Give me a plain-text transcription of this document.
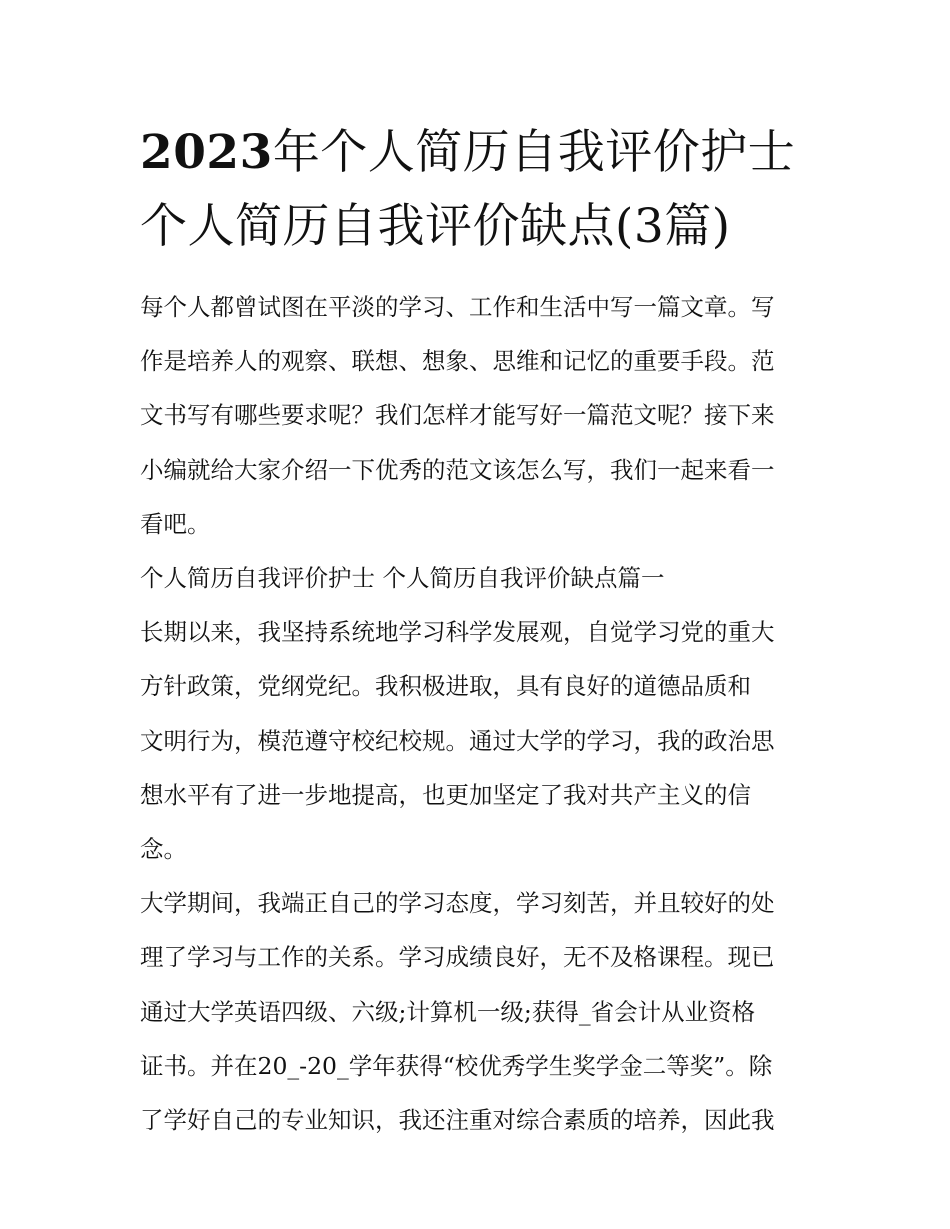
2023年个人简历自我评价护士
个人简历自我评价缺点(3篇)

每个人都曾试图在平淡的学习、工作和生活中写一篇文章。写
作是培养人的观察、联想、想象、思维和记忆的重要手段。范
文书写有哪些要求呢？我们怎样才能写好一篇范文呢？接下来
小编就给大家介绍一下优秀的范文该怎么写，我们一起来看一
看吧。

个人简历自我评价护士 个人简历自我评价缺点篇一

长期以来，我坚持系统地学习科学发展观，自觉学习党的重大
方针政策，党纲党纪。我积极进取，具有良好的道德品质和
文明行为，模范遵守校纪校规。通过大学的学习，我的政治思
想水平有了进一步地提高，也更加坚定了我对共产主义的信
念。

大学期间，我端正自己的学习态度，学习刻苦，并且较好的处
理了学习与工作的关系。学习成绩良好，无不及格课程。现已
通过大学英语四级、六级;计算机一级;获得_省会计从业资格
证书。并在20_-20_学年获得“校优秀学生奖学金二等奖”。除
了学好自己的专业知识，我还注重对综合素质的培养，因此我
